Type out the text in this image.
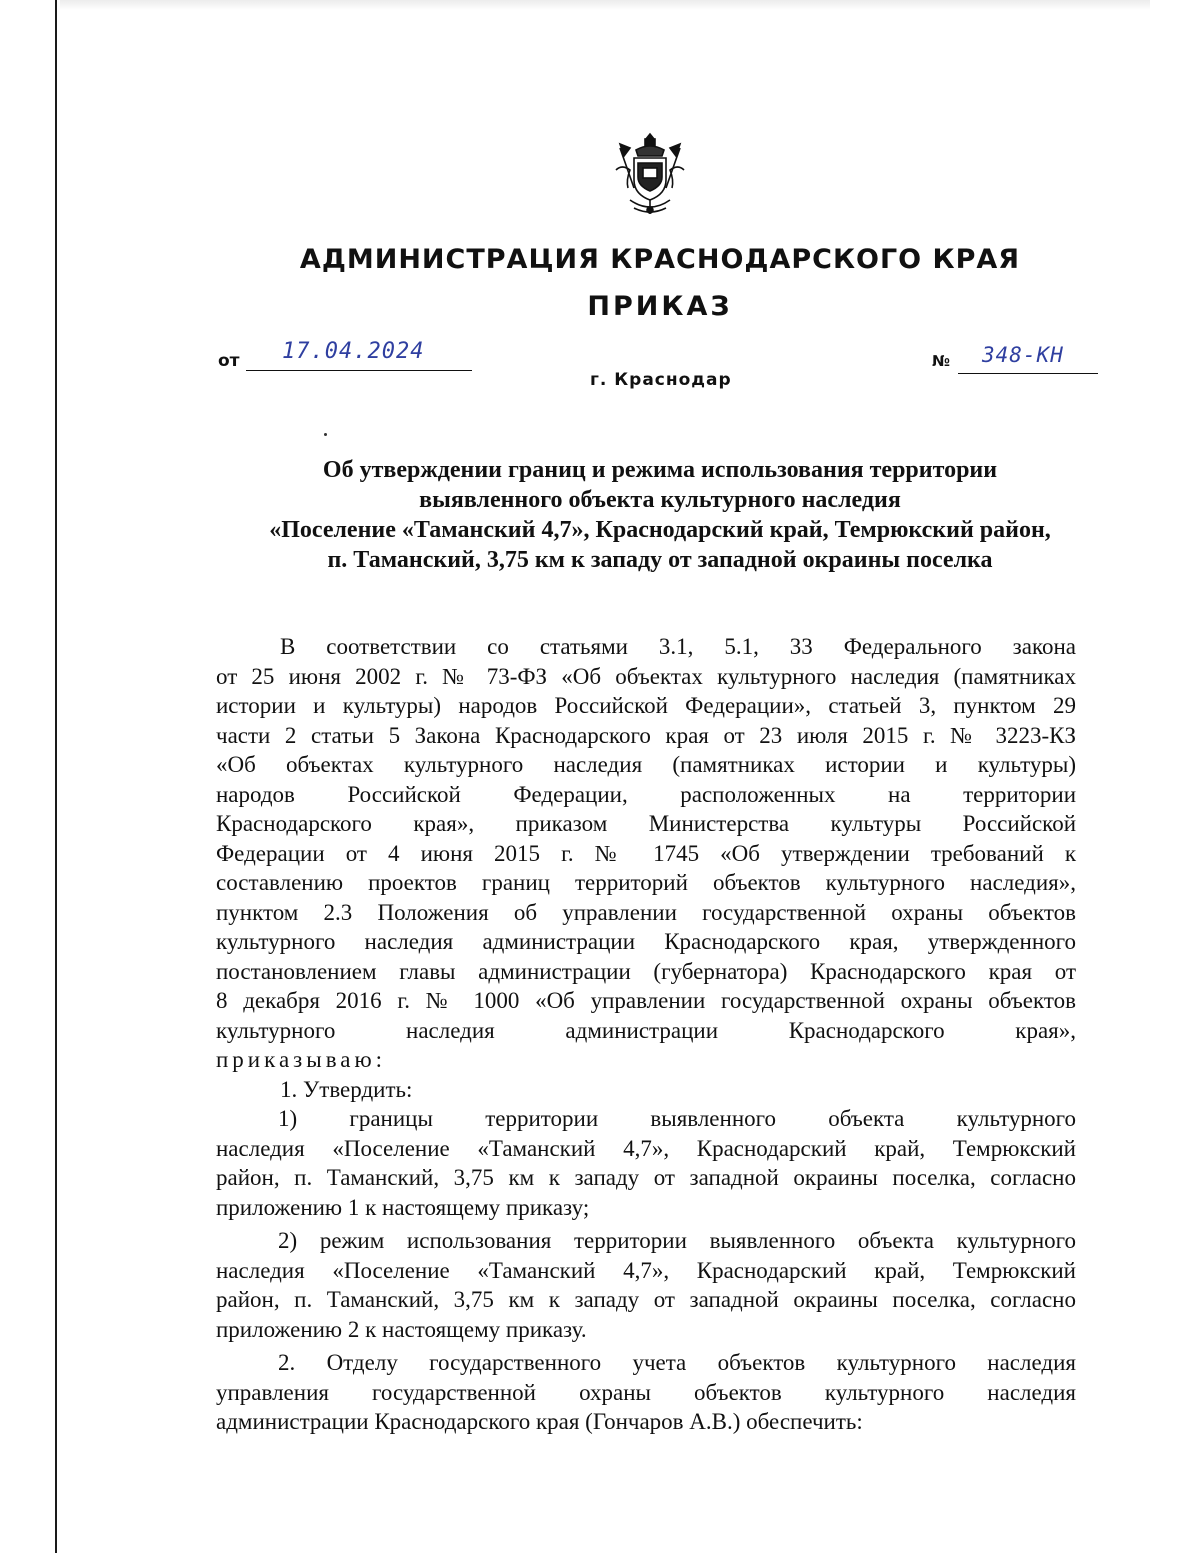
АДМИНИСТРАЦИЯ КРАСНОДАРСКОГО КРАЯ
ПРИКАЗ
от 17.04.2024	№ 348-КН
г. Краснодар
Об утверждении границ и режима использования территории
выявленного объекта культурного наследия
«Поселение «Таманский 4,7», Краснодарский край, Темрюкский район,
п. Таманский, 3,75 км к западу от западной окраины поселка

В соответствии со статьями 3.1, 5.1, 33 Федерального закона

от 25 июня 2002 г. № 73-ФЗ «Об объектах культурного наследия (памятниках

истории и культуры) народов Российской Федерации», статьей 3, пунктом 29

части 2 статьи 5 Закона Краснодарского края от 23 июля 2015 г. № 3223-КЗ

«Об объектах культурного наследия (памятниках истории и культуры)

народов Российской Федерации, расположенных на территории

Краснодарского края», приказом Министерства культуры Российской

Федерации от 4 июня 2015 г. № 1745 «Об утверждении требований к

составлению проектов границ территорий объектов культурного наследия»,

пунктом 2.3 Положения об управлении государственной охраны объектов

культурного наследия администрации Краснодарского края, утвержденного

постановлением главы администрации (губернатора) Краснодарского края от

8 декабря 2016 г. № 1000 «Об управлении государственной охраны объектов

культурного наследия администрации Краснодарского края»,

приказываю:

1. Утвердить:

1) границы территории выявленного объекта культурного

наследия «Поселение «Таманский 4,7», Краснодарский край, Темрюкский

район, п. Таманский, 3,75 км к западу от западной окраины поселка, согласно

приложению 1 к настоящему приказу;

2) режим использования территории выявленного объекта культурного

наследия «Поселение «Таманский 4,7», Краснодарский край, Темрюкский

район, п. Таманский, 3,75 км к западу от западной окраины поселка, согласно

приложению 2 к настоящему приказу.

2. Отделу государственного учета объектов культурного наследия

управления государственной охраны объектов культурного наследия

администрации Краснодарского края (Гончаров А.В.) обеспечить:
